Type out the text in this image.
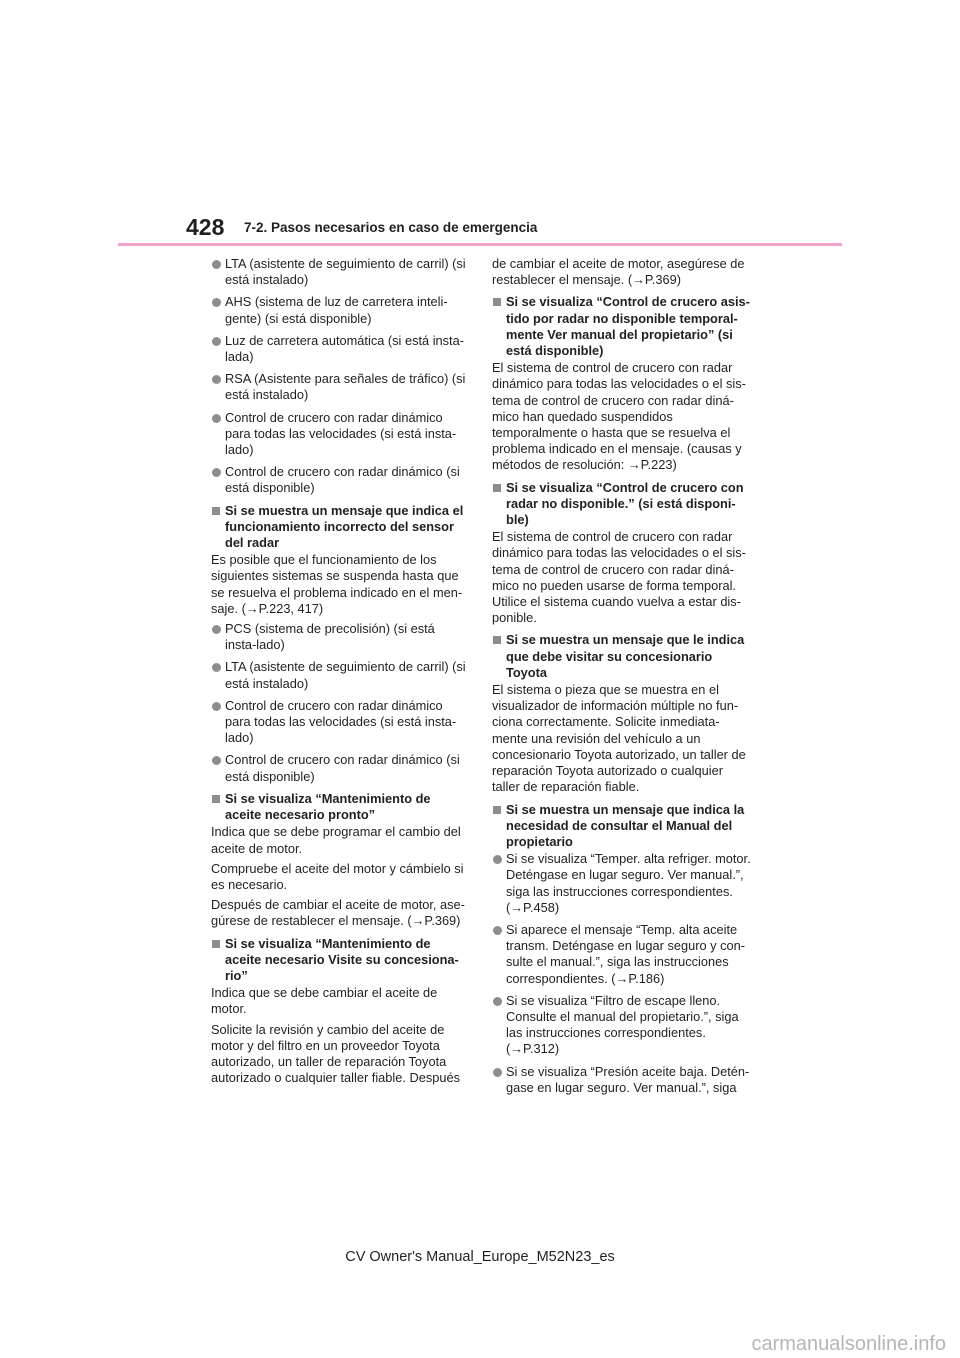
428 7-2. Pasos necesarios en caso de emergencia
LTA (asistente de seguimiento de carril) (si está instalado)
AHS (sistema de luz de carretera inteli-gente) (si está disponible)
Luz de carretera automática (si está insta-lada)
RSA (Asistente para señales de tráfico) (si está instalado)
Control de crucero con radar dinámico para todas las velocidades (si está insta-lado)
Control de crucero con radar dinámico (si está disponible)
Si se muestra un mensaje que indica el funcionamiento incorrecto del sensor del radar
Es posible que el funcionamiento de los siguientes sistemas se suspenda hasta que se resuelva el problema indicado en el men-saje. (→P.223, 417)
PCS (sistema de precolisión) (si está insta-lado)
LTA (asistente de seguimiento de carril) (si está instalado)
Control de crucero con radar dinámico para todas las velocidades (si está insta-lado)
Control de crucero con radar dinámico (si está disponible)
Si se visualiza “Mantenimiento de aceite necesario pronto”
Indica que se debe programar el cambio del aceite de motor.
Compruebe el aceite del motor y cámbielo si es necesario.
Después de cambiar el aceite de motor, ase-gúrese de restablecer el mensaje. (→P.369)
Si se visualiza “Mantenimiento de aceite necesario Visite su concesiona-rio”
Indica que se debe cambiar el aceite de motor.
Solicite la revisión y cambio del aceite de motor y del filtro en un proveedor Toyota autorizado, un taller de reparación Toyota autorizado o cualquier taller fiable. Después
de cambiar el aceite de motor, asegúrese de restablecer el mensaje. (→P.369)
Si se visualiza “Control de crucero asis-tido por radar no disponible temporal-mente Ver manual del propietario” (si está disponible)
El sistema de control de crucero con radar dinámico para todas las velocidades o el sis-tema de control de crucero con radar diná-mico han quedado suspendidos temporalmente o hasta que se resuelva el problema indicado en el mensaje. (causas y métodos de resolución: →P.223)
Si se visualiza “Control de crucero con radar no disponible.” (si está disponi-ble)
El sistema de control de crucero con radar dinámico para todas las velocidades o el sis-tema de control de crucero con radar diná-mico no pueden usarse de forma temporal. Utilice el sistema cuando vuelva a estar dis-ponible.
Si se muestra un mensaje que le indica que debe visitar su concesionario Toyota
El sistema o pieza que se muestra en el visualizador de información múltiple no fun-ciona correctamente. Solicite inmediata-mente una revisión del vehículo a un concesionario Toyota autorizado, un taller de reparación Toyota autorizado o cualquier taller de reparación fiable.
Si se muestra un mensaje que indica la necesidad de consultar el Manual del propietario
Si se visualiza “Temper. alta refriger. motor. Deténgase en lugar seguro. Ver manual.”, siga las instrucciones correspondientes. (→P.458)
Si aparece el mensaje “Temp. alta aceite transm. Deténgase en lugar seguro y con-sulte el manual.”, siga las instrucciones correspondientes. (→P.186)
Si se visualiza “Filtro de escape lleno. Consulte el manual del propietario.”, siga las instrucciones correspondientes. (→P.312)
Si se visualiza “Presión aceite baja. Detén-gase en lugar seguro. Ver manual.”, siga
CV Owner's Manual_Europe_M52N23_es
carmanualsonline.info
